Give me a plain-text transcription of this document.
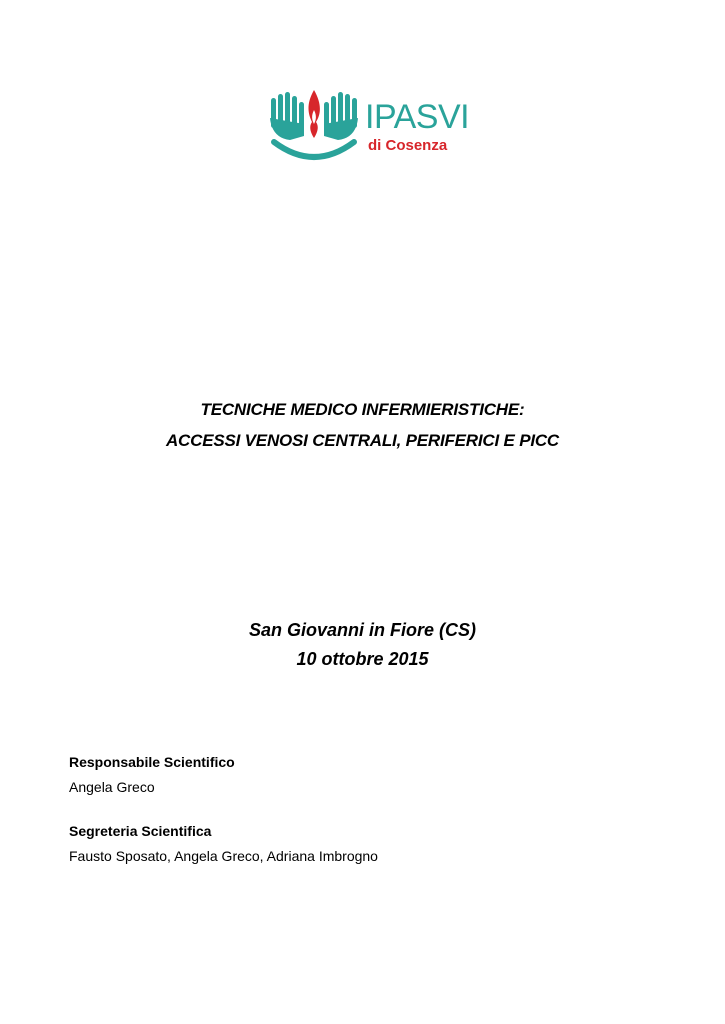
IPASVI
di Cosenza
TECNICHE MEDICO INFERMIERISTICHE:
ACCESSI VENOSI CENTRALI, PERIFERICI E PICC
San Giovanni in Fiore (CS)
10 ottobre 2015
Responsabile Scientifico
Angela Greco
Segreteria Scientifica
Fausto Sposato, Angela Greco, Adriana Imbrogno
